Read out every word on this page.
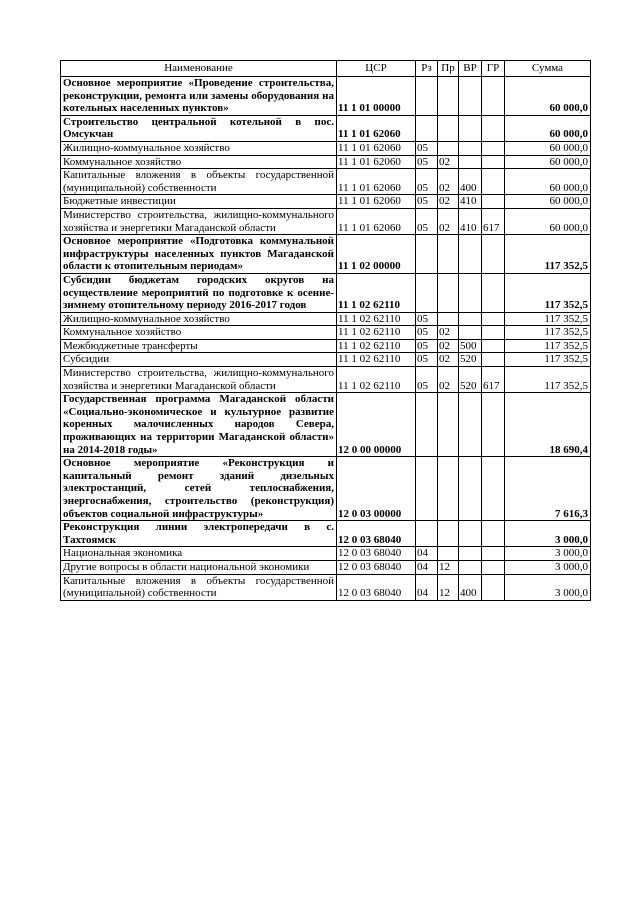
Наименование	ЦСР	Рз	Пр	ВР	ГР	Сумма
Основное мероприятие «Проведение строительства, реконструкции, ремонта или замены оборудования на котельных населенных пунктов»	11 1 01 00000					60 000,0
Строительство центральной котельной в пос. Омсукчан	11 1 01 62060					60 000,0
Жилищно-коммунальное хозяйство	11 1 01 62060	05				60 000,0
Коммунальное хозяйство	11 1 01 62060	05	02			60 000,0
Капитальные вложения в объекты государственной (муниципальной) собственности	11 1 01 62060	05	02	400		60 000,0
Бюджетные инвестиции	11 1 01 62060	05	02	410		60 000,0
Министерство строительства, жилищно-коммунального хозяйства и энергетики Магаданской области	11 1 01 62060	05	02	410	617	60 000,0
Основное мероприятие «Подготовка коммунальной инфраструктуры населенных пунктов Магаданской области к отопительным периодам»	11 1 02 00000					117 352,5
Субсидии бюджетам городских округов на осуществление мероприятий по подготовке к осенне-зимнему отопительному периоду 2016-2017 годов	11 1 02 62110					117 352,5
Жилищно-коммунальное хозяйство	11 1 02 62110	05				117 352,5
Коммунальное хозяйство	11 1 02 62110	05	02			117 352,5
Межбюджетные трансферты	11 1 02 62110	05	02	500		117 352,5
Субсидии	11 1 02 62110	05	02	520		117 352,5
Министерство строительства, жилищно-коммунального хозяйства и энергетики Магаданской области	11 1 02 62110	05	02	520	617	117 352,5
Государственная программа Магаданской области «Социально-экономическое и культурное развитие коренных малочисленных народов Севера, проживающих на территории Магаданской области» на 2014-2018 годы»	12 0 00 00000					18 690,4
Основное мероприятие «Реконструкция и капитальный ремонт зданий дизельных электростанций, сетей теплоснабжения, энергоснабжения, строительство (реконструкция) объектов социальной инфраструктуры»	12 0 03 00000					7 616,3
Реконструкция линии электропередачи в с. Тахтоямск	12 0 03 68040					3 000,0
Национальная экономика	12 0 03 68040	04				3 000,0
Другие вопросы в области национальной экономики	12 0 03 68040	04	12			3 000,0
Капитальные вложения в объекты государственной (муниципальной) собственности	12 0 03 68040	04	12	400		3 000,0
